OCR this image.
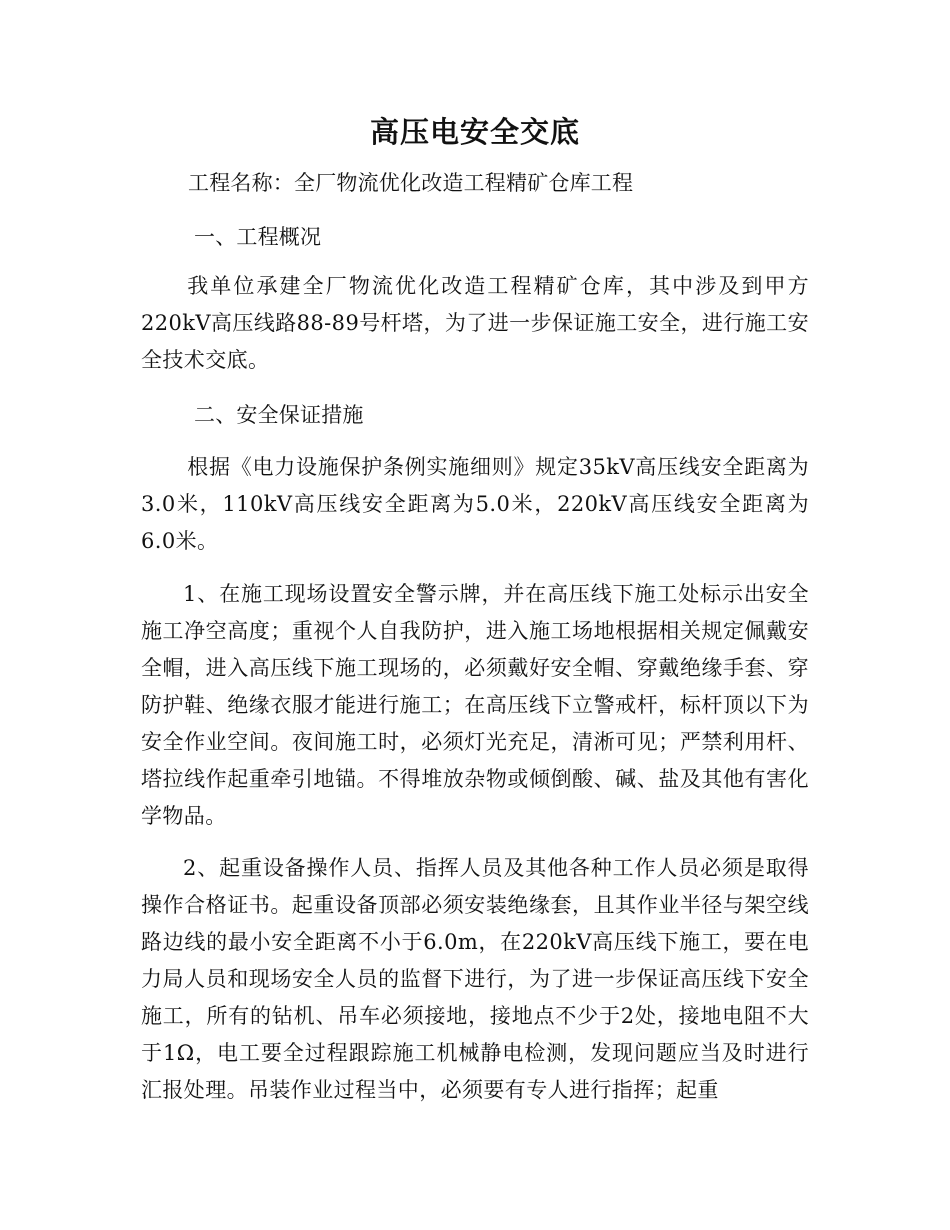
高压电安全交底
工程名称：全厂物流优化改造工程精矿仓库工程
一、工程概况
我单位承建全厂物流优化改造工程精矿仓库，其中涉及到甲方220kV高压线路88-89号杆塔，为了进一步保证施工安全，进行施工安全技术交底。
二、安全保证措施
根据《电力设施保护条例实施细则》规定35kV高压线安全距离为3.0米，110kV高压线安全距离为5.0米，220kV高压线安全距离为6.0米。
1、在施工现场设置安全警示牌，并在高压线下施工处标示出安全施工净空高度；重视个人自我防护，进入施工场地根据相关规定佩戴安全帽，进入高压线下施工现场的，必须戴好安全帽、穿戴绝缘手套、穿防护鞋、绝缘衣服才能进行施工；在高压线下立警戒杆，标杆顶以下为安全作业空间。夜间施工时，必须灯光充足，清淅可见；严禁利用杆、塔拉线作起重牵引地锚。不得堆放杂物或倾倒酸、碱、盐及其他有害化学物品。
2、起重设备操作人员、指挥人员及其他各种工作人员必须是取得操作合格证书。起重设备顶部必须安装绝缘套，且其作业半径与架空线路边线的最小安全距离不小于6.0m，在220kV高压线下施工，要在电力局人员和现场安全人员的监督下进行，为了进一步保证高压线下安全施工，所有的钻机、吊车必须接地，接地点不少于2处，接地电阻不大于1Ω，电工要全过程跟踪施工机械静电检测，发现问题应当及时进行汇报处理。吊装作业过程当中，必须要有专人进行指挥；起重
